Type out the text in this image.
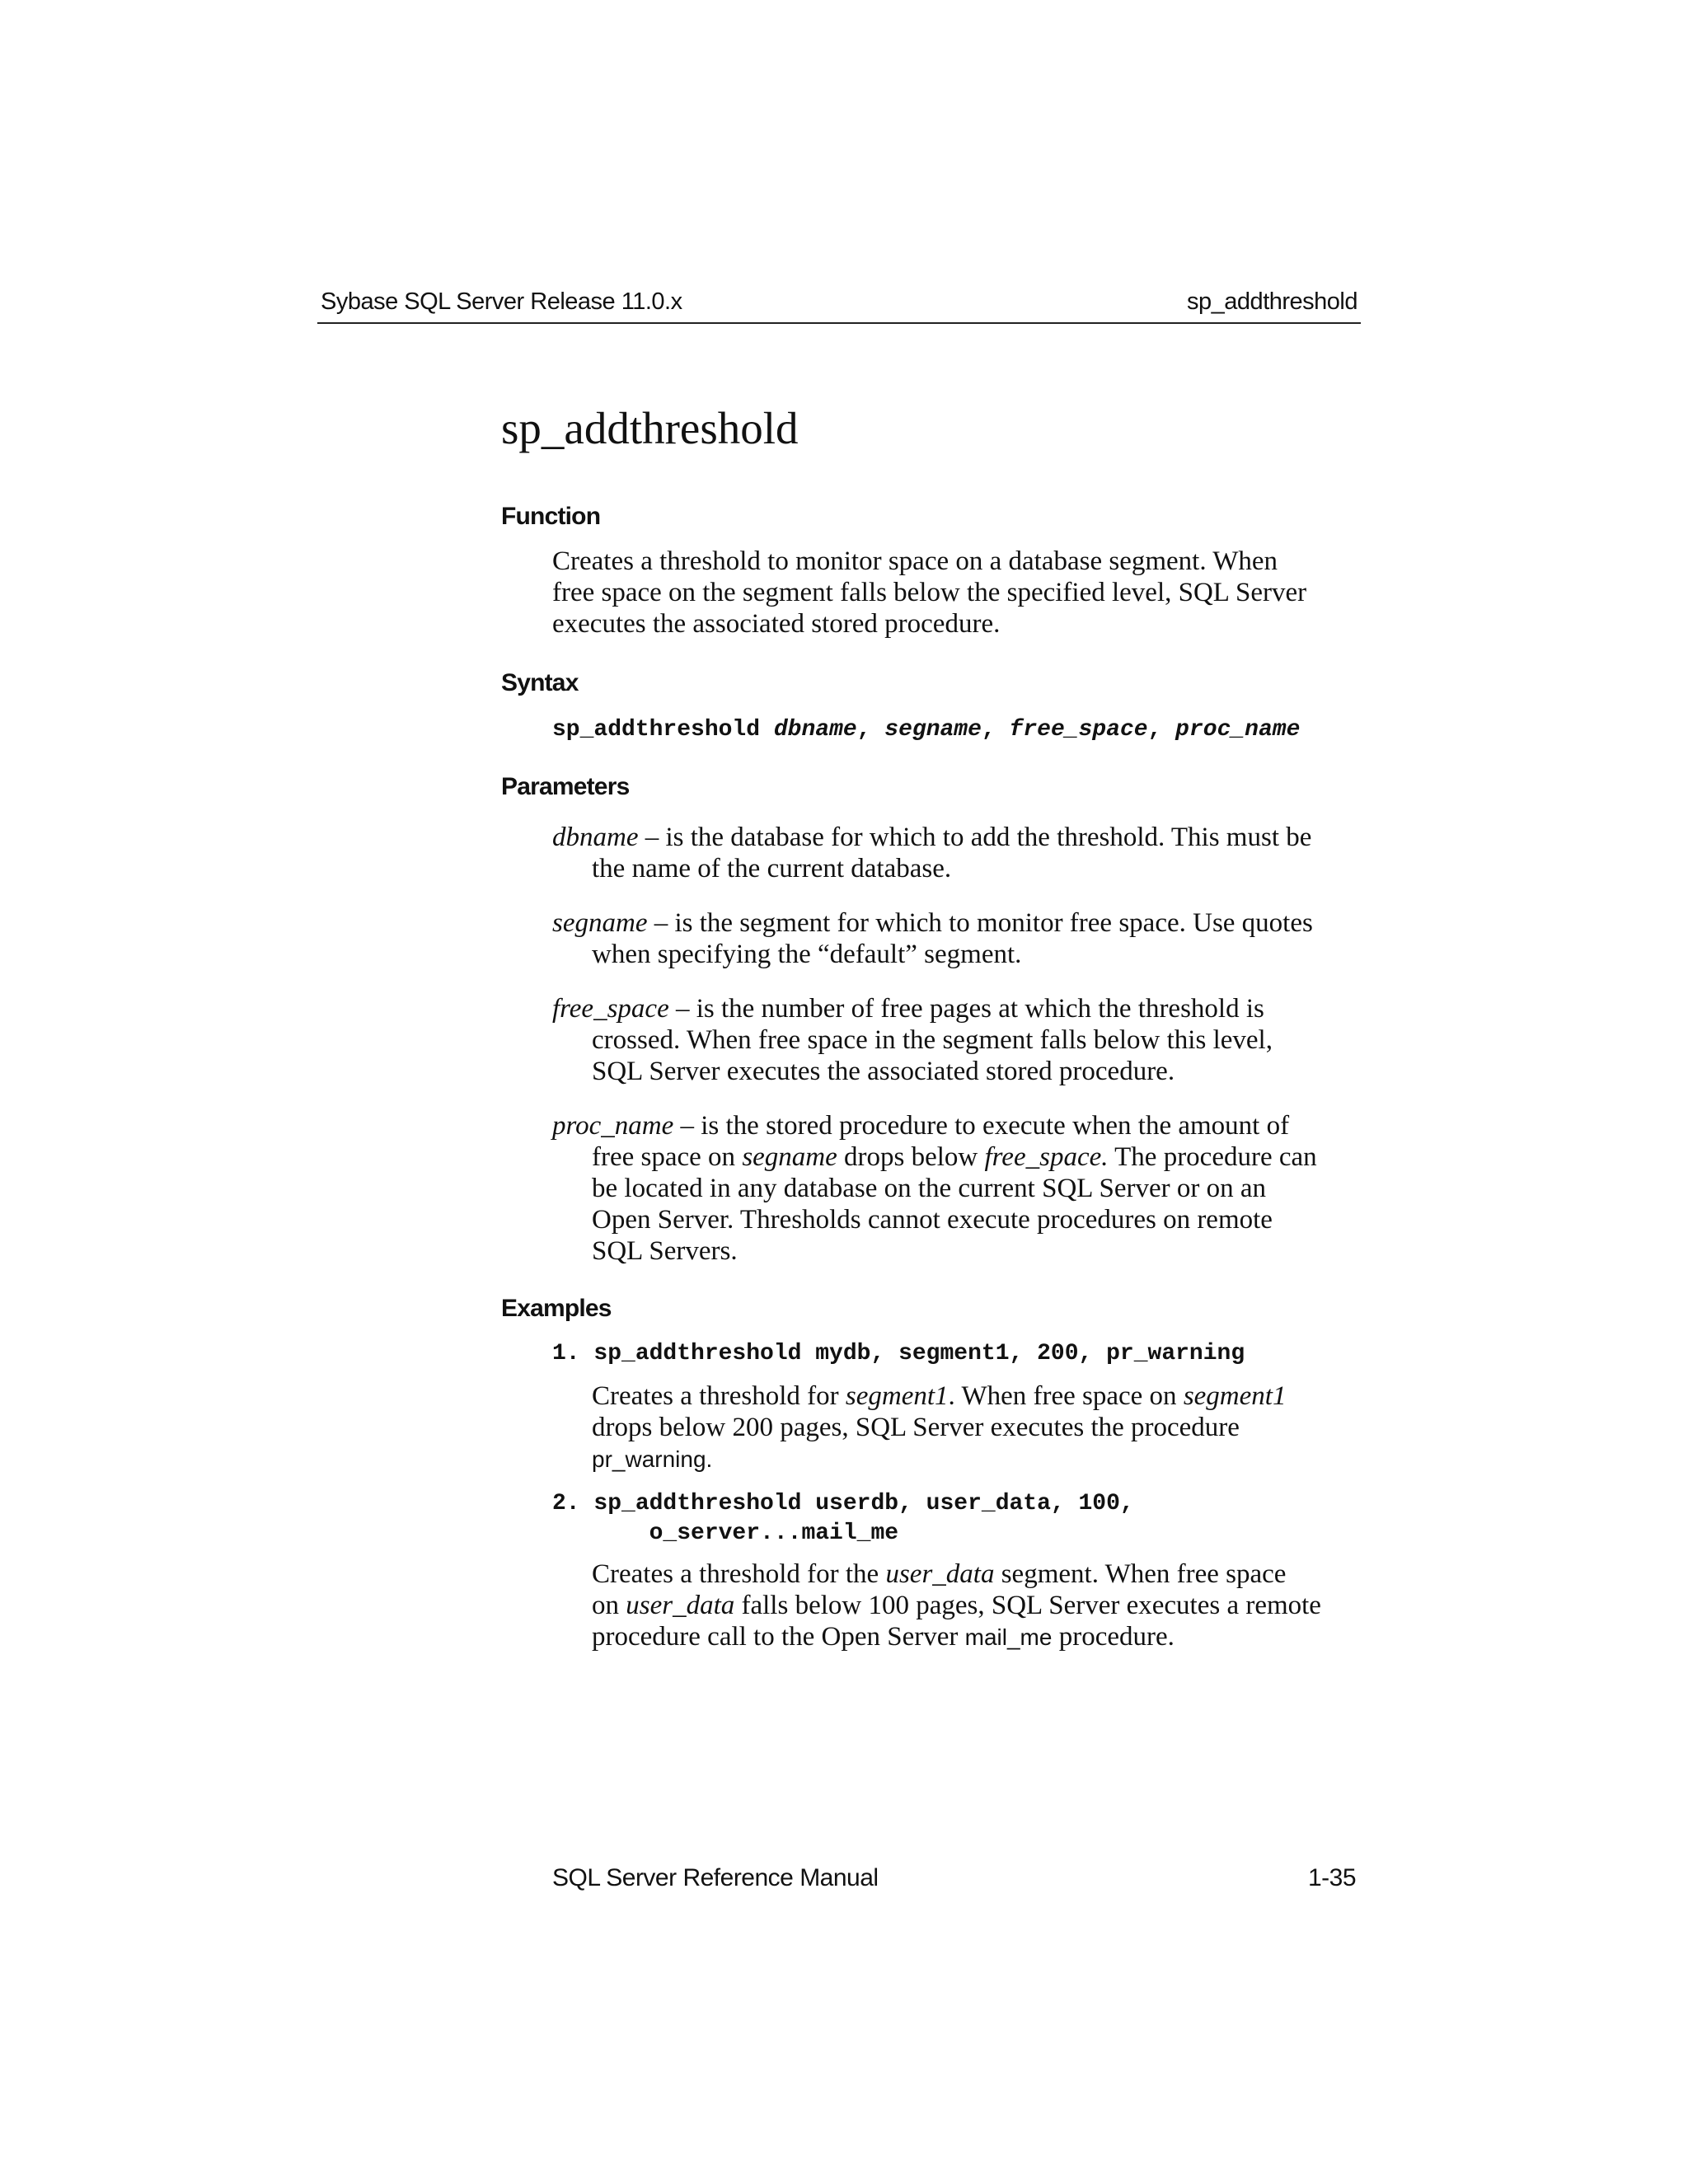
Sybase SQL Server Release 11.0.x	sp_addthreshold
sp_addthreshold
Function

Creates a threshold to monitor space on a database segment. When
free space on the segment falls below the specified level, SQL Server
executes the associated stored procedure.

Syntax

sp_addthreshold dbname, segname, free_space, proc_name

Parameters

dbname – is the database for which to add the threshold. This must be
the name of the current database.

segname – is the segment for which to monitor free space. Use quotes
when specifying the “default” segment.

free_space – is the number of free pages at which the threshold is
crossed. When free space in the segment falls below this level,
SQL Server executes the associated stored procedure.

proc_name – is the stored procedure to execute when the amount of
free space on segname drops below free_space. The procedure can
be located in any database on the current SQL Server or on an
Open Server. Thresholds cannot execute procedures on remote
SQL Servers.

Examples

1. sp_addthreshold mydb, segment1, 200, pr_warning

Creates a threshold for segment1. When free space on segment1
drops below 200 pages, SQL Server executes the procedure
pr_warning.

2. sp_addthreshold userdb, user_data, 100,
o_server...mail_me

Creates a threshold for the user_data segment. When free space
on user_data falls below 100 pages, SQL Server executes a remote
procedure call to the Open Server mail_me procedure.

SQL Server Reference Manual	1-35
